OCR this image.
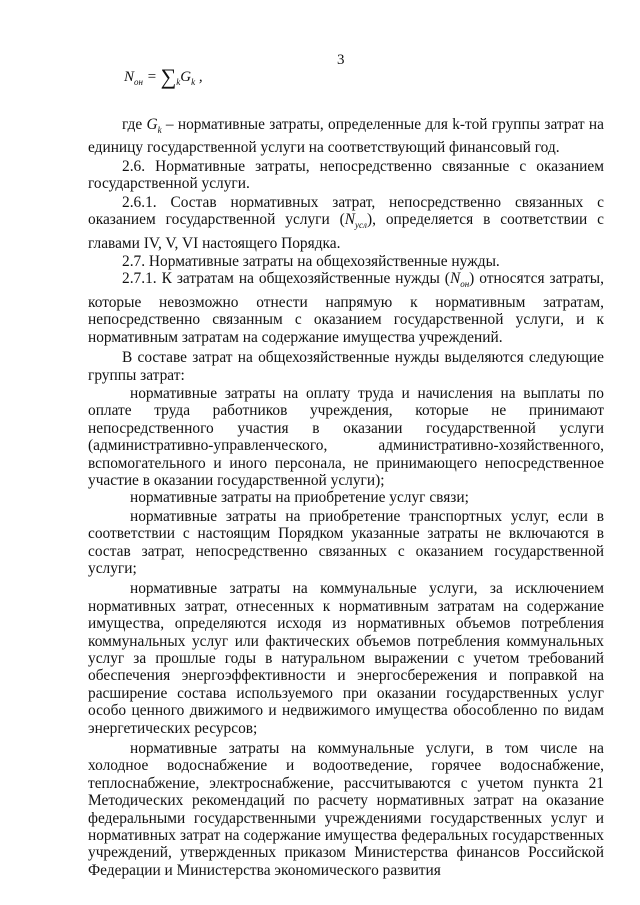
3
$N_{он} = \sum_kG_k$ ,

где $G_k$ – нормативные затраты, определенные для k-той группы затрат на единицу государственной услуги на соответствующий финансовый год.

2.6. Нормативные затраты, непосредственно связанные с оказанием государственной услуги.

2.6.1. Состав нормативных затрат, непосредственно связанных с оказанием государственной услуги $(N_{усл})$, определяется в соответствии с главами IV, V, VI настоящего Порядка.

2.7. Нормативные затраты на общехозяйственные нужды.

2.7.1. К затратам на общехозяйственные нужды $(N_{он})$ относятся затраты, которые невозможно отнести напрямую к нормативным затратам, непосредственно связанным с оказанием государственной услуги, и к нормативным затратам на содержание имущества учреждений.

В составе затрат на общехозяйственные нужды выделяются следующие группы затрат:

нормативные затраты на оплату труда и начисления на выплаты по оплате труда работников учреждения, которые не принимают непосредственного участия в оказании государственной услуги (административно-управленческого, административно-хозяйственного, вспомогательного и иного персонала, не принимающего непосредственное участие в оказании государственной услуги);

нормативные затраты на приобретение услуг связи;

нормативные затраты на приобретение транспортных услуг, если в соответствии с настоящим Порядком указанные затраты не включаются в состав затрат, непосредственно связанных с оказанием государственной услуги;

нормативные затраты на коммунальные услуги, за исключением нормативных затрат, отнесенных к нормативным затратам на содержание имущества, определяются исходя из нормативных объемов потребления коммунальных услуг или фактических объемов потребления коммунальных услуг за прошлые годы в натуральном выражении с учетом требований обеспечения энергоэффективности и энергосбережения и поправкой на расширение состава используемого при оказании государственных услуг особо ценного движимого и недвижимого имущества обособленно по видам энергетических ресурсов;

нормативные затраты на коммунальные услуги, в том числе на холодное водоснабжение и водоотведение, горячее водоснабжение, теплоснабжение, электроснабжение, рассчитываются с учетом пункта 21 Методических рекомендаций по расчету нормативных затрат на оказание федеральными государственными учреждениями государственных услуг и нормативных затрат на содержание имущества федеральных государственных учреждений, утвержденных приказом Министерства финансов Российской Федерации и Министерства экономического развития
